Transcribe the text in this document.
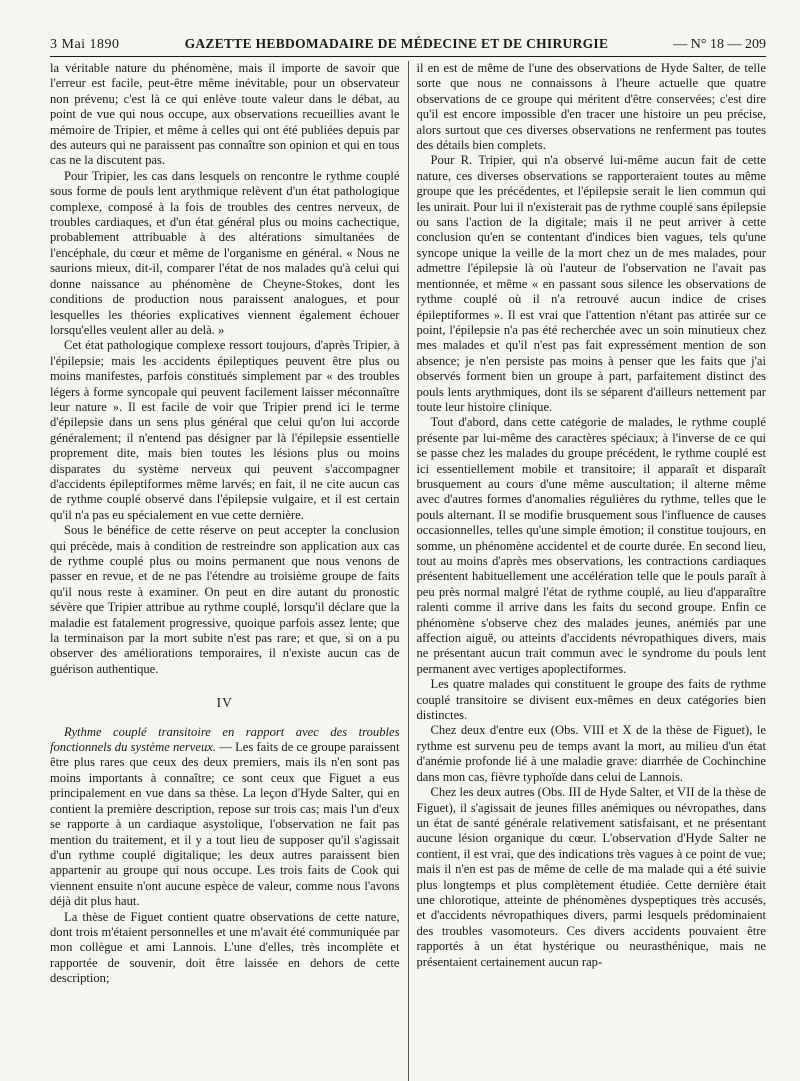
3 Mai 1890	GAZETTE HEBDOMADAIRE DE MÉDECINE ET DE CHIRURGIE	— N° 18 — 209

la véritable nature du phénomène, mais il importe de savoir que l'erreur est facile, peut-être même inévitable, pour un observateur non prévenu; c'est là ce qui enlève toute valeur dans le débat, au point de vue qui nous occupe, aux observations recueillies avant le mémoire de Tripier, et même à celles qui ont été publiées depuis par des auteurs qui ne paraissent pas connaître son opinion et qui en tous cas ne la discutent pas.

Pour Tripier, les cas dans lesquels on rencontre le rythme couplé sous forme de pouls lent arythmique relèvent d'un état pathologique complexe, composé à la fois de troubles des centres nerveux, de troubles cardiaques, et d'un état général plus ou moins cachectique, probablement attribuable à des altérations simultanées de l'encéphale, du cœur et même de l'organisme en général. « Nous ne saurions mieux, dit-il, comparer l'état de nos malades qu'à celui qui donne naissance au phénomène de Cheyne-Stokes, dont les conditions de production nous paraissent analogues, et pour lesquelles les théories explicatives viennent également échouer lorsqu'elles veulent aller au delà. »

Cet état pathologique complexe ressort toujours, d'après Tripier, à l'épilepsie; mais les accidents épileptiques peuvent être plus ou moins manifestes, parfois constitués simplement par « des troubles légers à forme syncopale qui peuvent facilement laisser méconnaître leur nature ». Il est facile de voir que Tripier prend ici le terme d'épilepsie dans un sens plus général que celui qu'on lui accorde généralement; il n'entend pas désigner par là l'épilepsie essentielle proprement dite, mais bien toutes les lésions plus ou moins disparates du système nerveux qui peuvent s'accompagner d'accidents épileptiformes même larvés; en fait, il ne cite aucun cas de rythme couplé observé dans l'épilepsie vulgaire, et il est certain qu'il n'a pas eu spécialement en vue cette dernière.

Sous le bénéfice de cette réserve on peut accepter la conclusion qui précède, mais à condition de restreindre son application aux cas de rythme couplé plus ou moins permanent que nous venons de passer en revue, et de ne pas l'étendre au troisième groupe de faits qu'il nous reste à examiner. On peut en dire autant du pronostic sévère que Tripier attribue au rythme couplé, lorsqu'il déclare que la maladie est fatalement progressive, quoique parfois assez lente; que la terminaison par la mort subite n'est pas rare; et que, si on a pu observer des améliorations temporaires, il n'existe aucun cas de guérison authentique.

IV

Rythme couplé transitoire en rapport avec des troubles fonctionnels du système nerveux. — Les faits de ce groupe paraissent être plus rares que ceux des deux premiers, mais ils n'en sont pas moins importants à connaître; ce sont ceux que Figuet a eus principalement en vue dans sa thèse. La leçon d'Hyde Salter, qui en contient la première description, repose sur trois cas; mais l'un d'eux se rapporte à un cardiaque asystolique, l'observation ne fait pas mention du traitement, et il y a tout lieu de supposer qu'il s'agissait d'un rythme couplé digitalique; les deux autres paraissent bien appartenir au groupe qui nous occupe. Les trois faits de Cook qui viennent ensuite n'ont aucune espèce de valeur, comme nous l'avons déjà dit plus haut.

La thèse de Figuet contient quatre observations de cette nature, dont trois m'étaient personnelles et une m'avait été communiquée par mon collègue et ami Lannois. L'une d'elles, très incomplète et rapportée de souvenir, doit être laissée en dehors de cette description;

il en est de même de l'une des observations de Hyde Salter, de telle sorte que nous ne connaissons à l'heure actuelle que quatre observations de ce groupe qui méritent d'être conservées; c'est dire qu'il est encore impossible d'en tracer une histoire un peu précise, alors surtout que ces diverses observations ne renferment pas toutes des détails bien complets.

Pour R. Tripier, qui n'a observé lui-même aucun fait de cette nature, ces diverses observations se rapporteraient toutes au même groupe que les précédentes, et l'épilepsie serait le lien commun qui les unirait. Pour lui il n'existerait pas de rythme couplé sans épilepsie ou sans l'action de la digitale; mais il ne peut arriver à cette conclusion qu'en se contentant d'indices bien vagues, tels qu'une syncope unique la veille de la mort chez un de mes malades, pour admettre l'épilepsie là où l'auteur de l'observation ne l'avait pas mentionnée, et même « en passant sous silence les observations de rythme couplé où il n'a retrouvé aucun indice de crises épileptiformes ». Il est vrai que l'attention n'étant pas attirée sur ce point, l'épilepsie n'a pas été recherchée avec un soin minutieux chez mes malades et qu'il n'est pas fait expressément mention de son absence; je n'en persiste pas moins à penser que les faits que j'ai observés forment bien un groupe à part, parfaitement distinct des pouls lents arythmiques, dont ils se séparent d'ailleurs nettement par toute leur histoire clinique.

Tout d'abord, dans cette catégorie de malades, le rythme couplé présente par lui-même des caractères spéciaux; à l'inverse de ce qui se passe chez les malades du groupe précédent, le rythme couplé est ici essentiellement mobile et transitoire; il apparaît et disparaît brusquement au cours d'une même auscultation; il alterne même avec d'autres formes d'anomalies régulières du rythme, telles que le pouls alternant. Il se modifie brusquement sous l'influence de causes occasionnelles, telles qu'une simple émotion; il constitue toujours, en somme, un phénomène accidentel et de courte durée. En second lieu, tout au moins d'après mes observations, les contractions cardiaques présentent habituellement une accélération telle que le pouls paraît à peu près normal malgré l'état de rythme couplé, au lieu d'apparaître ralenti comme il arrive dans les faits du second groupe. Enfin ce phénomène s'observe chez des malades jeunes, anémiés par une affection aiguë, ou atteints d'accidents névropathiques divers, mais ne présentant aucun trait commun avec le syndrome du pouls lent permanent avec vertiges apoplectiformes.

Les quatre malades qui constituent le groupe des faits de rythme couplé transitoire se divisent eux-mêmes en deux catégories bien distinctes.

Chez deux d'entre eux (Obs. VIII et X de la thèse de Figuet), le rythme est survenu peu de temps avant la mort, au milieu d'un état d'anémie profonde lié à une maladie grave: diarrhée de Cochinchine dans mon cas, fièvre typhoïde dans celui de Lannois.

Chez les deux autres (Obs. III de Hyde Salter, et VII de la thèse de Figuet), il s'agissait de jeunes filles anémiques ou névropathes, dans un état de santé générale relativement satisfaisant, et ne présentant aucune lésion organique du cœur. L'observation d'Hyde Salter ne contient, il est vrai, que des indications très vagues à ce point de vue; mais il n'en est pas de même de celle de ma malade qui a été suivie plus longtemps et plus complètement étudiée. Cette dernière était une chlorotique, atteinte de phénomènes dyspeptiques très accusés, et d'accidents névropathiques divers, parmi lesquels prédominaient des troubles vasomoteurs. Ces divers accidents pouvaient être rapportés à un état hystérique ou neurasthénique, mais ne présentaient certainement aucun rap-
